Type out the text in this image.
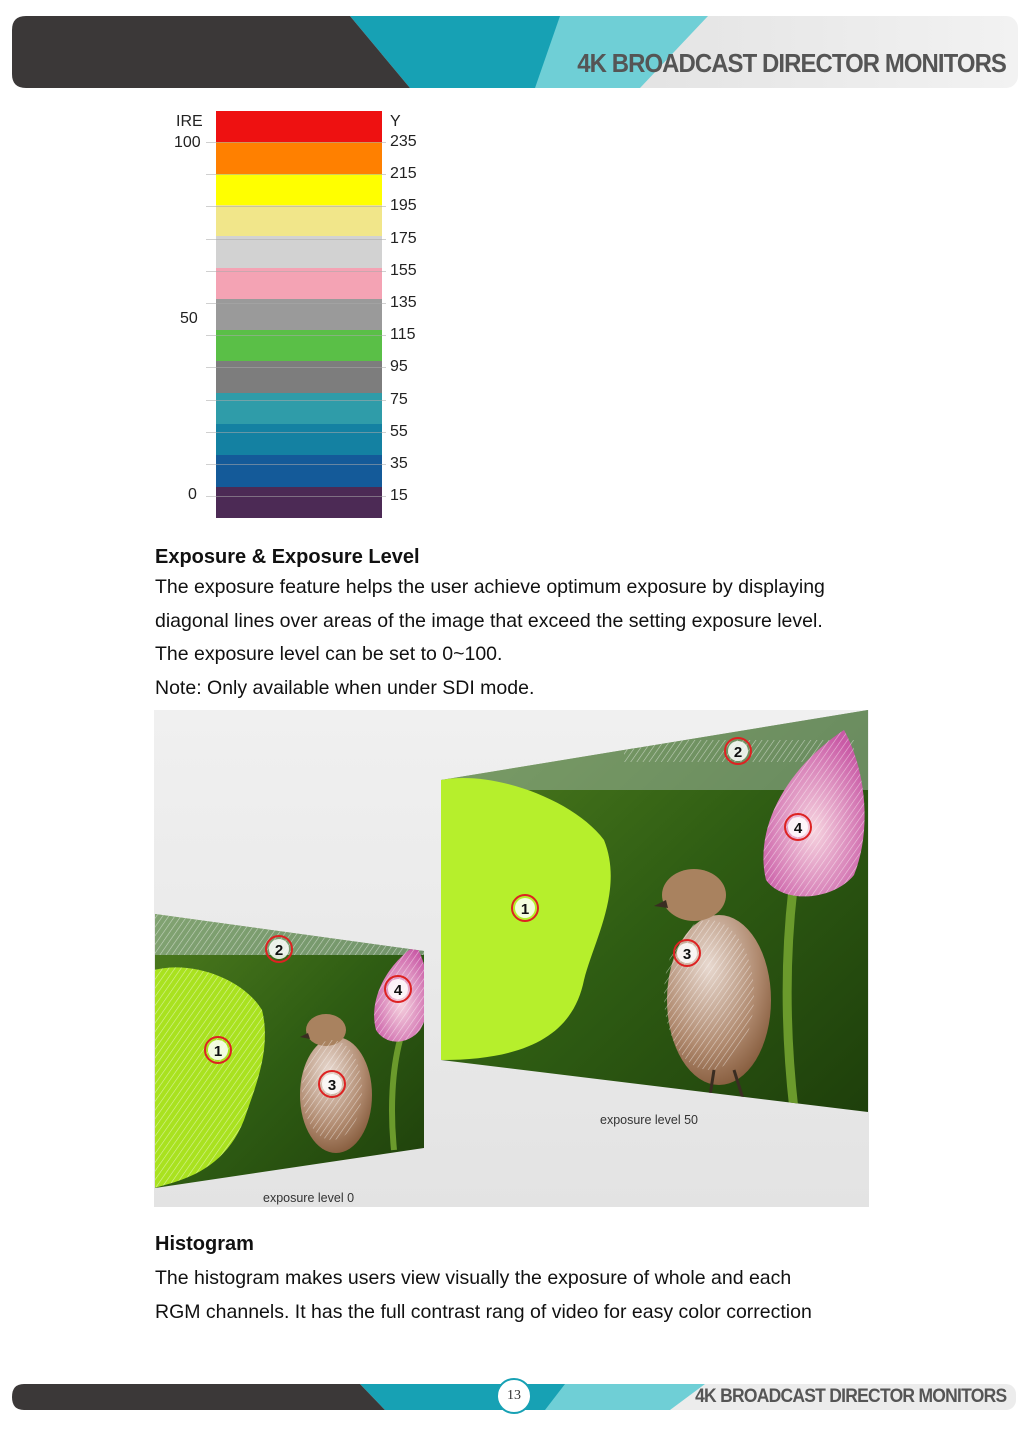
4K BROADCAST DIRECTOR MONITORS
IRE
100
50
0
Y
235
215
195
175
155
135
115
95
75
55
35
15
Exposure & Exposure Level
The exposure feature helps the user achieve optimum exposure by displaying
diagonal lines over areas of the image that exceed the setting exposure level.
The exposure level can be set to 0~100.
Note: Only available when under SDI mode.
1
2
3
4
1
2
3
4
exposure level 50
exposure level 0
Histogram
The histogram makes users view visually the exposure of whole and each
RGM channels. It has the full contrast rang of video for easy color correction
13	4K BROADCAST DIRECTOR MONITORS
